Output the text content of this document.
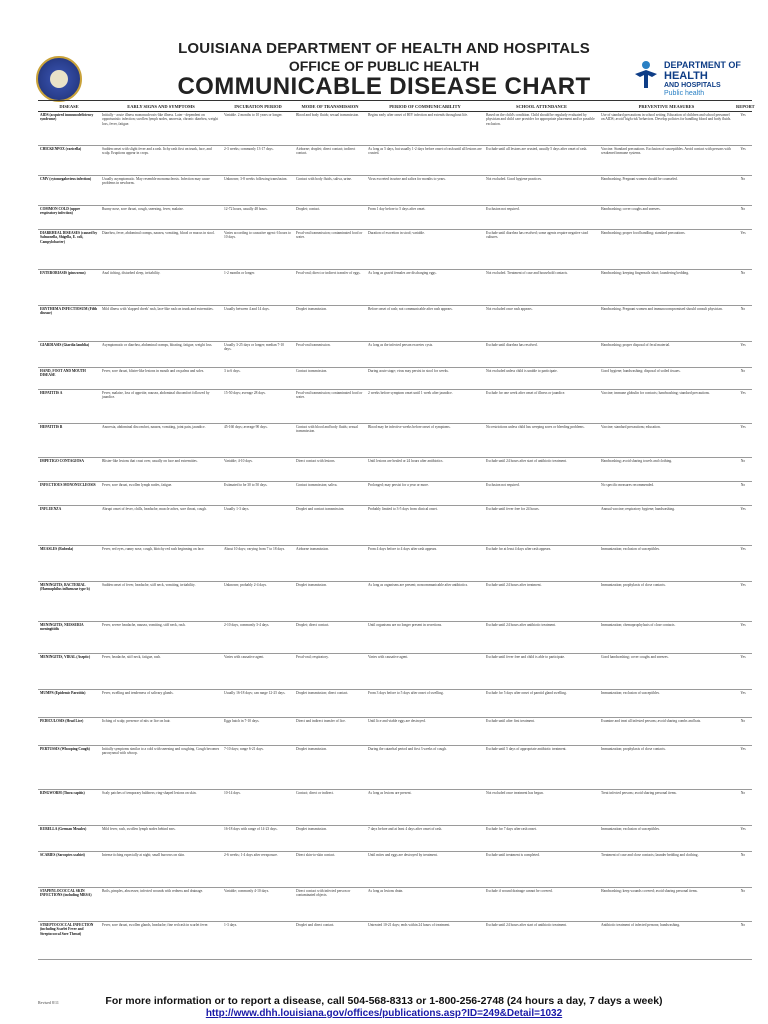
LOUISIANA DEPARTMENT OF HEALTH AND HOSPITALS
OFFICE OF PUBLIC HEALTH
COMMUNICABLE DISEASE CHART
DEPARTMENT OF
HEALTH
AND HOSPITALS
Public health
DISEASE	EARLY SIGNS AND SYMPTOMS	INCUBATION PERIOD	MODE OF TRANSMISSION	PERIOD OF COMMUNICABILITY	SCHOOL ATTENDANCE	PREVENTIVE MEASURES	REPORT
AIDS (acquired immunodeficiency syndrome)	Initially - acute illness mononucleosis-like illness. Later - dependent on opportunistic infection; swollen lymph nodes, anorexia, chronic diarrhea, weight loss, fever, fatigue.	Variable. 2 months to 10 years or longer.	Blood and body fluids; sexual transmission.	Begins early after onset of HIV infection and extends throughout life.	Based on the child's condition. Child should be regularly evaluated by physician and child care provider for appropriate placement and/or possible exclusion.	Use of standard precautions in school setting. Education of children and school personnel on AIDS; avoid 'high risk' behaviors. Develop policies for handling blood and body fluids.	Yes
CHICKENPOX (varicella)	Sudden onset with slight fever and a rash. Itchy rash first on trunk, face, and scalp. Eruptions appear in crops.	2-3 weeks; commonly 13-17 days.	Airborne; droplet; direct contact; indirect contact.	As long as 5 days, but usually 1-2 days before onset of rash until all lesions are crusted.	Exclude until all lesions are crusted, usually 5 days after onset of rash.	Vaccine. Standard precautions. Exclusion of susceptibles. Avoid contact with persons with weakened immune systems.	Yes
CMV (cytomegalovirus infection)	Usually asymptomatic. May resemble mononucleosis. Infection may cause problems in newborns.	Unknown; 3-8 weeks following transfusion.	Contact with body fluids, saliva, urine.	Virus excreted in urine and saliva for months to years.	Not excluded. Good hygiene practices.	Handwashing. Pregnant women should be counseled.	No
COMMON COLD (upper respiratory infection)	Runny nose, sore throat, cough, sneezing, fever, malaise.	12-72 hours, usually 48 hours.	Droplet; contact.	From 1 day before to 5 days after onset.	Exclusion not required.	Handwashing; cover coughs and sneezes.	No
DIARRHEAL DISEASES (caused by Salmonella, Shigella, E. coli, Campylobacter)	Diarrhea, fever, abdominal cramps, nausea, vomiting, blood or mucus in stool.	Varies according to causative agent: 6 hours to 10 days.	Fecal-oral transmission; contaminated food or water.	Duration of excretion in stool; variable.	Exclude until diarrhea has resolved; some agents require negative stool cultures.	Handwashing; proper food handling; standard precautions.	Yes
ENTEROBIASIS (pinworms)	Anal itching, disturbed sleep, irritability.	1-2 months or longer.	Fecal-oral; direct or indirect transfer of eggs.	As long as gravid females are discharging eggs.	Not excluded. Treatment of case and household contacts.	Handwashing; keeping fingernails short; laundering bedding.	No
ERYTHEMA INFECTIOSUM (Fifth disease)	Mild illness with 'slapped cheek' rash, lace-like rash on trunk and extremities.	Usually between 4 and 14 days.	Droplet transmission.	Before onset of rash; not communicable after rash appears.	Not excluded once rash appears.	Handwashing. Pregnant women and immunocompromised should consult physician.	No
GIARDIASIS (Giardia lamblia)	Asymptomatic or diarrhea, abdominal cramps, bloating, fatigue, weight loss.	Usually 3-25 days or longer; median 7-10 days.	Fecal-oral transmission.	As long as the infected person excretes cysts.	Exclude until diarrhea has resolved.	Handwashing; proper disposal of fecal material.	Yes
HAND, FOOT AND MOUTH DISEASE	Fever, sore throat, blister-like lesions in mouth and on palms and soles.	3 to 6 days.	Contact transmission.	During acute stage; virus may persist in stool for weeks.	Not excluded unless child is unable to participate.	Good hygiene; handwashing; disposal of soiled tissues.	No
HEPATITIS A	Fever, malaise, loss of appetite, nausea, abdominal discomfort followed by jaundice.	15-50 days; average 28 days.	Fecal-oral transmission; contaminated food or water.	2 weeks before symptom onset until 1 week after jaundice.	Exclude for one week after onset of illness or jaundice.	Vaccine; immune globulin for contacts; handwashing; standard precautions.	Yes
HEPATITIS B	Anorexia, abdominal discomfort, nausea, vomiting, joint pain, jaundice.	45-160 days; average 90 days.	Contact with blood and body fluids; sexual transmission.	Blood may be infective weeks before onset of symptoms.	No restrictions unless child has weeping sores or bleeding problems.	Vaccine; standard precautions; education.	Yes
IMPETIGO CONTAGIOSA	Blister-like lesions that crust over, usually on face and extremities.	Variable; 4-10 days.	Direct contact with lesions.	Until lesions are healed or 24 hours after antibiotics.	Exclude until 24 hours after start of antibiotic treatment.	Handwashing; avoid sharing towels and clothing.	No
INFECTIOUS MONONUCLEOSIS	Fever, sore throat, swollen lymph nodes, fatigue.	Estimated to be 30 to 50 days.	Contact transmission; saliva.	Prolonged; may persist for a year or more.	Exclusion not required.	No specific measures recommended.	No
INFLUENZA	Abrupt onset of fever, chills, headache, muscle aches, sore throat, cough.	Usually 1-3 days.	Droplet and contact transmission.	Probably limited to 3-5 days from clinical onset.	Exclude until fever free for 24 hours.	Annual vaccine; respiratory hygiene; handwashing.	Yes
MEASLES (Rubeola)	Fever, red eyes, runny nose, cough, blotchy red rash beginning on face.	About 10 days; varying from 7 to 18 days.	Airborne transmission.	From 4 days before to 4 days after rash appears.	Exclude for at least 4 days after rash appears.	Immunization; exclusion of susceptibles.	Yes
MENINGITIS, BACTERIAL (Haemophilus influenzae type b)	Sudden onset of fever, headache, stiff neck, vomiting, irritability.	Unknown; probably 2-4 days.	Droplet transmission.	As long as organisms are present; noncommunicable after antibiotics.	Exclude until 24 hours after treatment.	Immunization; prophylaxis of close contacts.	Yes
MENINGITIS, NEISSERIA meningitidis	Fever, severe headache, nausea, vomiting, stiff neck, rash.	2-10 days, commonly 3-4 days.	Droplet; direct contact.	Until organisms are no longer present in secretions.	Exclude until 24 hours after antibiotic treatment.	Immunization; chemoprophylaxis of close contacts.	Yes
MENINGITIS, VIRAL (Aseptic)	Fever, headache, stiff neck, fatigue, rash.	Varies with causative agent.	Fecal-oral; respiratory.	Varies with causative agent.	Exclude until fever free and child is able to participate.	Good handwashing; cover coughs and sneezes.	Yes
MUMPS (Epidemic Parotitis)	Fever, swelling and tenderness of salivary glands.	Usually 16-18 days; can range 12-25 days.	Droplet transmission; direct contact.	From 3 days before to 5 days after onset of swelling.	Exclude for 5 days after onset of parotid gland swelling.	Immunization; exclusion of susceptibles.	Yes
PEDICULOSIS (Head Lice)	Itching of scalp; presence of nits or lice on hair.	Eggs hatch in 7-10 days.	Direct and indirect transfer of lice.	Until lice and viable eggs are destroyed.	Exclude until after first treatment.	Examine and treat all infested persons; avoid sharing combs and hats.	No
PERTUSSIS (Whooping Cough)	Initially symptoms similar to a cold with sneezing and coughing. Cough becomes paroxysmal with whoop.	7-10 days; range 6-21 days.	Droplet transmission.	During the catarrhal period and first 3 weeks of cough.	Exclude until 5 days of appropriate antibiotic treatment.	Immunization; prophylaxis of close contacts.	Yes
RINGWORM (Tinea capitis)	Scaly patches of temporary baldness; ring-shaped lesions on skin.	10-14 days.	Contact; direct or indirect.	As long as lesions are present.	Not excluded once treatment has begun.	Treat infected persons; avoid sharing personal items.	No
RUBELLA (German Measles)	Mild fever, rash, swollen lymph nodes behind ears.	16-18 days with range of 14-23 days.	Droplet transmission.	7 days before and at least 4 days after onset of rash.	Exclude for 7 days after rash onset.	Immunization; exclusion of susceptibles.	Yes
SCABIES (Sarcoptes scabiei)	Intense itching especially at night; small burrows on skin.	2-6 weeks; 1-4 days after reexposure.	Direct skin-to-skin contact.	Until mites and eggs are destroyed by treatment.	Exclude until treatment is completed.	Treatment of case and close contacts; launder bedding and clothing.	No
STAPHYLOCOCCAL SKIN INFECTIONS (including MRSA)	Boils, pimples, abscesses; infected wounds with redness and drainage.	Variable; commonly 4-10 days.	Direct contact with infected person or contaminated objects.	As long as lesions drain.	Exclude if wound drainage cannot be covered.	Handwashing; keep wounds covered; avoid sharing personal items.	No
STREPTOCOCCAL INFECTION (including Scarlet Fever and Streptococcal Sore Throat)	Fever, sore throat, swollen glands, headache; fine red rash in scarlet fever.	1-3 days.	Droplet and direct contact.	Untreated 10-21 days; ends within 24 hours of treatment.	Exclude until 24 hours after start of antibiotic treatment.	Antibiotic treatment of infected persons; handwashing.	No
Revised 8/11	For more information or to report a disease, call 504-568-8313 or 1-800-256-2748 (24 hours a day, 7 days a week)
http://www.dhh.louisiana.gov/offices/publications.asp?ID=249&Detail=1032
